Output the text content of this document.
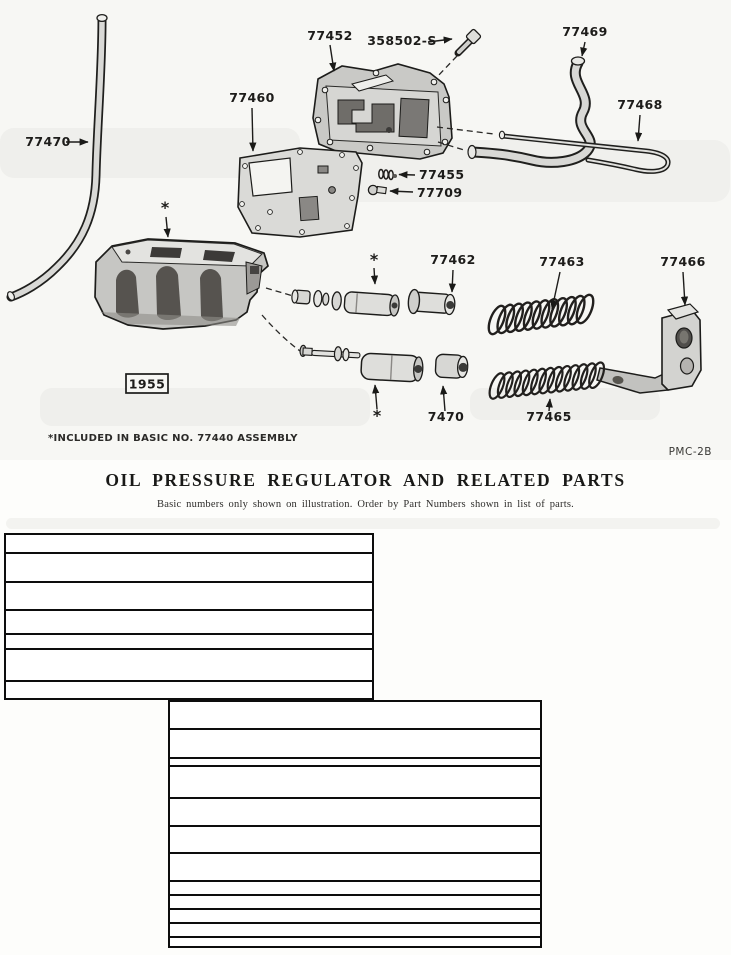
1955
77452 358502-S
77469
77468
77460
77470
77455
77709
77462	77463	77466
7470	77465
*
*
*
*INCLUDED IN BASIC NO. 77440 ASSEMBLY
PMC-2B
OIL PRESSURE REGULATOR AND RELATED PARTS
Basic numbers only shown on illustration. Order by Part Numbers shown in list of parts.
